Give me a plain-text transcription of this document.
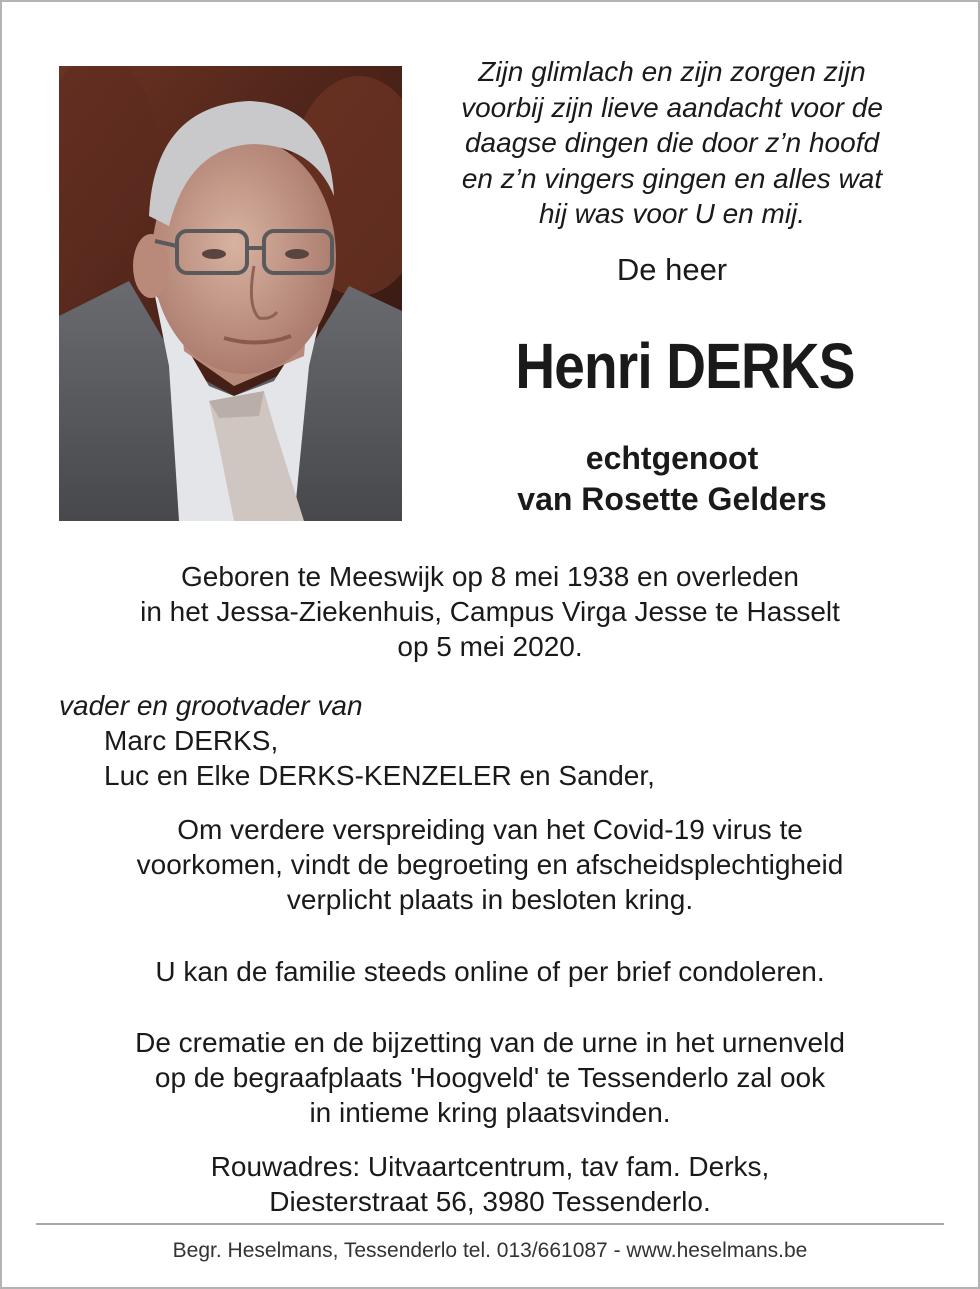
Zijn glimlach en zijn zorgen zijn
voorbij zijn lieve aandacht voor de
daagse dingen die door z’n hoofd
en z’n vingers gingen en alles wat
hij was voor U en mij.
De heer
Henri DERKS
echtgenoot
van Rosette Gelders
Geboren te Meeswijk op 8 mei 1938 en overleden
in het Jessa-Ziekenhuis, Campus Virga Jesse te Hasselt
op 5 mei 2020.
vader en grootvader van
Marc DERKS,
Luc en Elke DERKS-KENZELER en Sander,
Om verdere verspreiding van het Covid-19 virus te
voorkomen, vindt de begroeting en afscheidsplechtigheid
verplicht plaats in besloten kring.
U kan de familie steeds online of per brief condoleren.
De crematie en de bijzetting van de urne in het urnenveld
op de begraafplaats 'Hoogveld' te Tessenderlo zal ook
in intieme kring plaatsvinden.
Rouwadres: Uitvaartcentrum, tav fam. Derks,
Diesterstraat 56, 3980 Tessenderlo.
Begr. Heselmans, Tessenderlo tel. 013/661087 - www.heselmans.be
